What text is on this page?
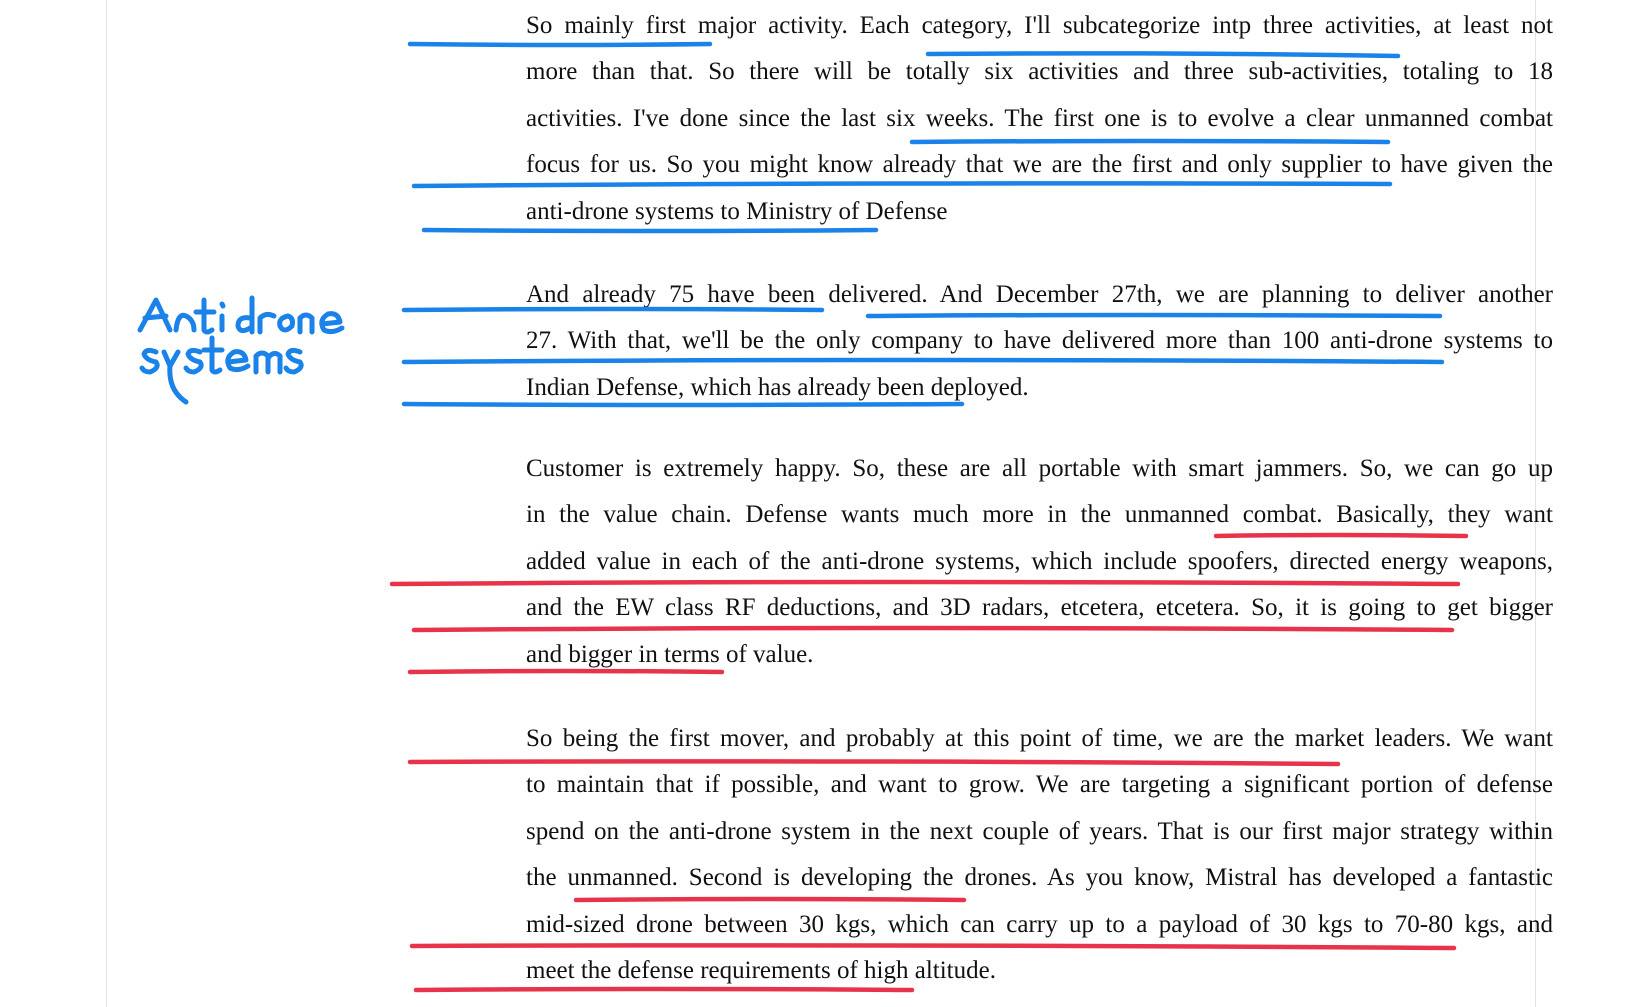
So mainly first major activity. Each category, I'll subcategorize intp three activities, at least not
more than that. So there will be totally six activities and three sub-activities, totaling to 18
activities. I've done since the last six weeks. The first one is to evolve a clear unmanned combat
focus for us. So you might know already that we are the first and only supplier to have given the
anti-drone systems to Ministry of Defense
And already 75 have been delivered. And December 27th, we are planning to deliver another
27. With that, we'll be the only company to have delivered more than 100 anti-drone systems to
Indian Defense, which has already been deployed.
Customer is extremely happy. So, these are all portable with smart jammers. So, we can go up
in the value chain. Defense wants much more in the unmanned combat. Basically, they want
added value in each of the anti-drone systems, which include spoofers, directed energy weapons,
and the EW class RF deductions, and 3D radars, etcetera, etcetera. So, it is going to get bigger
and bigger in terms of value.
So being the first mover, and probably at this point of time, we are the market leaders. We want
to maintain that if possible, and want to grow. We are targeting a significant portion of defense
spend on the anti-drone system in the next couple of years. That is our first major strategy within
the unmanned. Second is developing the drones. As you know, Mistral has developed a fantastic
mid-sized drone between 30 kgs, which can carry up to a payload of 30 kgs to 70-80 kgs, and
meet the defense requirements of high altitude.
